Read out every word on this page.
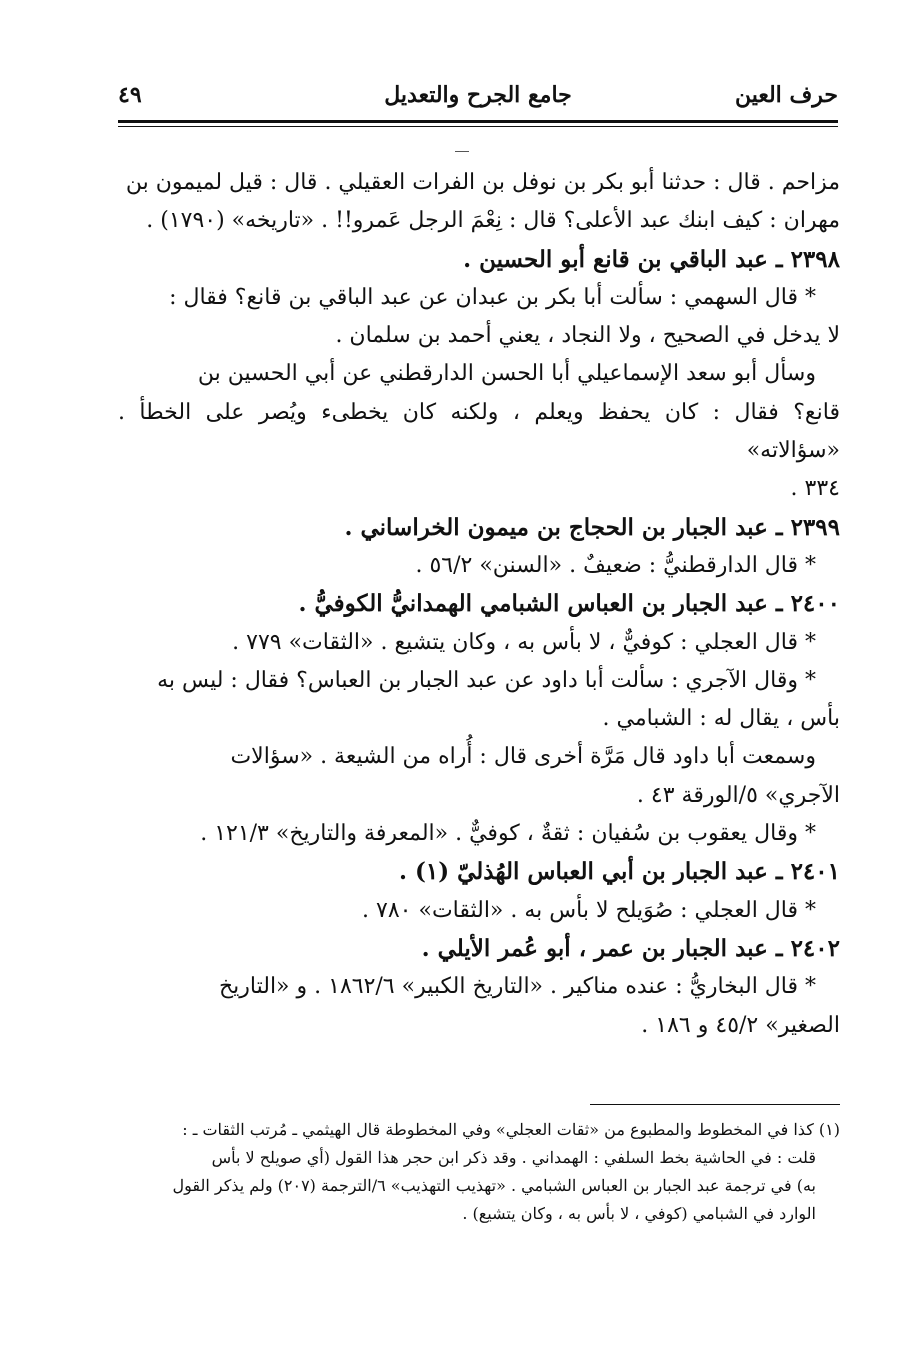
حرف العين
جامع الجرح والتعديل
٤٩

مزاحم . قال : حدثنا أبو بكر بن نوفل بن الفرات العقيلي . قال : قيل لميمون بن

مهران : كيف ابنك عبد الأعلى؟ قال : نِعْمَ الرجل عَمرو!! . «تاريخه» (١٧٩٠) .

٢٣٩٨ ـ عبد الباقي بن قانع أبو الحسين .

* قال السهمي : سألت أبا بكر بن عبدان عن عبد الباقي بن قانع؟ فقال :

لا يدخل في الصحيح ، ولا النجاد ، يعني أحمد بن سلمان .

وسأل أبو سعد الإسماعيلي أبا الحسن الدارقطني عن أبي الحسين بن

قانع؟ فقال : كان يحفظ ويعلم ، ولكنه كان يخطىء ويُصر على الخطأ . «سؤالاته»

٣٣٤ .

٢٣٩٩ ـ عبد الجبار بن الحجاج بن ميمون الخراساني .

* قال الدارقطنيُّ : ضعيفٌ . «السنن» ٥٦/٢ .

٢٤٠٠ ـ عبد الجبار بن العباس الشبامي الهمدانيُّ الكوفيُّ .

* قال العجلي : كوفيٌّ ، لا بأس به ، وكان يتشيع . «الثقات» ٧٧٩ .

* وقال الآجري : سألت أبا داود عن عبد الجبار بن العباس؟ فقال : ليس به

بأس ، يقال له : الشبامي .

وسمعت أبا داود قال مَرَّة أخرى قال : أُراه من الشيعة . «سؤالات

الآجري» ٥/الورقة ٤٣ .

* وقال يعقوب بن سُفيان : ثقةٌ ، كوفيٌّ . «المعرفة والتاريخ» ١٢١/٣ .

٢٤٠١ ـ عبد الجبار بن أبي العباس الهُذليّ (١) .

* قال العجلي : صُوَيلح لا بأس به . «الثقات» ٧٨٠ .

٢٤٠٢ ـ عبد الجبار بن عمر ، أبو عُمر الأيلي .

* قال البخاريُّ : عنده مناكير . «التاريخ الكبير» ١٨٦٢/٦ . و «التاريخ

الصغير» ٤٥/٢ و ١٨٦ .

(١) كذا في المخطوط والمطبوع من «ثقات العجلي» وفي المخطوطة قال الهيثمي ـ مُرتب الثقات ـ :

قلت : في الحاشية بخط السلفي : الهمداني . وقد ذكر ابن حجر هذا القول (أي صويلح لا بأس

به) في ترجمة عبد الجبار بن العباس الشبامي . «تهذيب التهذيب» ٦/الترجمة (٢٠٧) ولم يذكر القول

الوارد في الشبامي (كوفي ، لا بأس به ، وكان يتشيع) .
